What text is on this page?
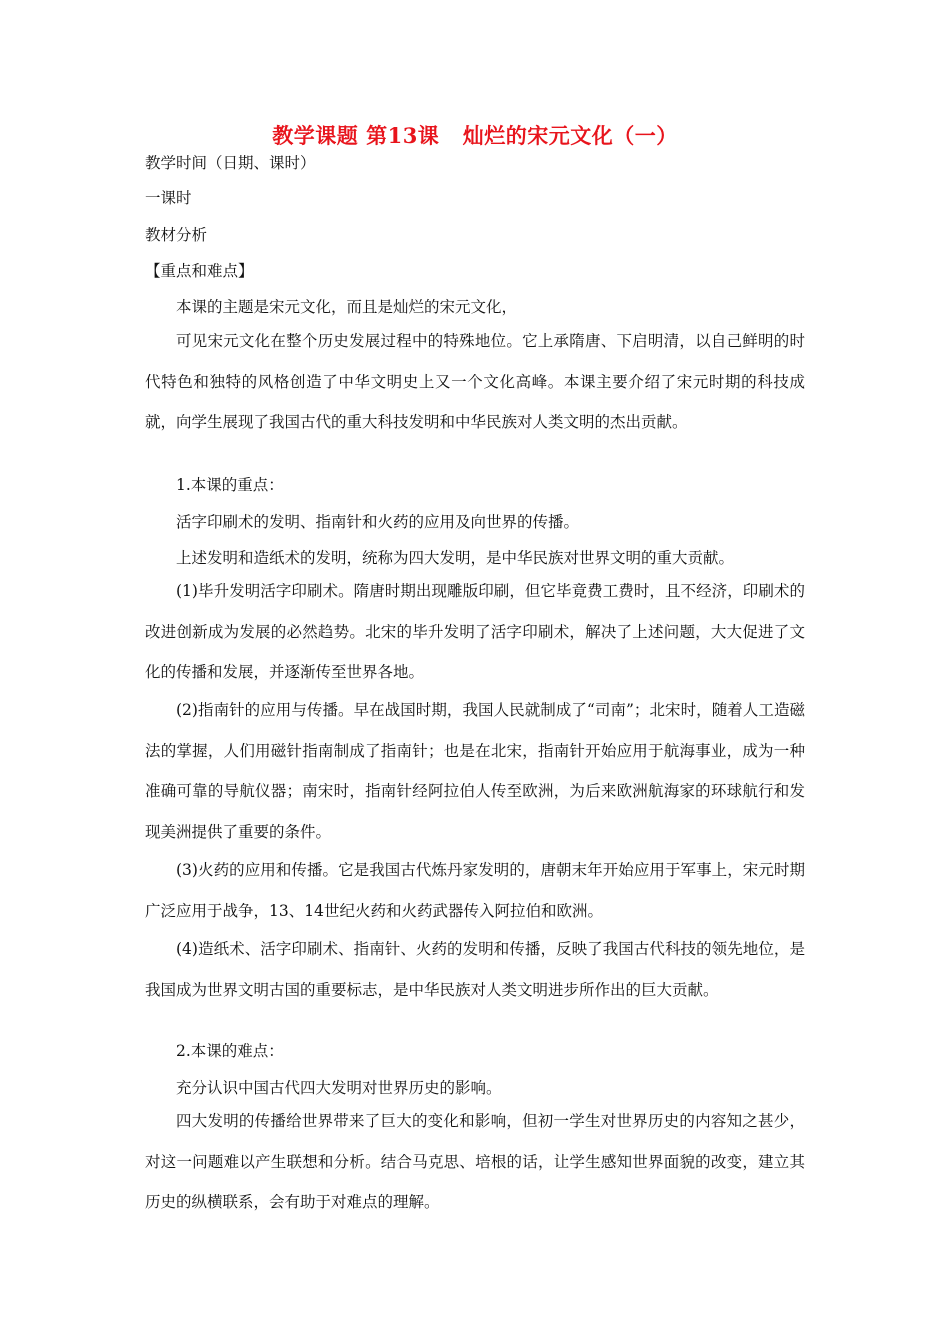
教学课题 第13课   灿烂的宋元文化（一）
教学时间（日期、课时）
一课时
教材分析
【重点和难点】
本课的主题是宋元文化，而且是灿烂的宋元文化，

可见宋元文化在整个历史发展过程中的特殊地位。它上承隋唐、下启明清，以自己鲜明的时代特色和独特的风格创造了中华文明史上又一个文化高峰。本课主要介绍了宋元时期的科技成就，向学生展现了我国古代的重大科技发明和中华民族对人类文明的杰出贡献。

1.本课的重点：
活字印刷术的发明、指南针和火药的应用及向世界的传播。
上述发明和造纸术的发明，统称为四大发明，是中华民族对世界文明的重大贡献。

(1)毕升发明活字印刷术。隋唐时期出现雕版印刷，但它毕竟费工费时，且不经济，印刷术的改进创新成为发展的必然趋势。北宋的毕升发明了活字印刷术，解决了上述问题，大大促进了文化的传播和发展，并逐渐传至世界各地。

(2)指南针的应用与传播。早在战国时期，我国人民就制成了“司南”；北宋时，随着人工造磁法的掌握，人们用磁针指南制成了指南针；也是在北宋，指南针开始应用于航海事业，成为一种准确可靠的导航仪器；南宋时，指南针经阿拉伯人传至欧洲，为后来欧洲航海家的环球航行和发现美洲提供了重要的条件。

(3)火药的应用和传播。它是我国古代炼丹家发明的，唐朝末年开始应用于军事上，宋元时期广泛应用于战争，13、14世纪火药和火药武器传入阿拉伯和欧洲。

(4)造纸术、活字印刷术、指南针、火药的发明和传播，反映了我国古代科技的领先地位，是我国成为世界文明古国的重要标志，是中华民族对人类文明进步所作出的巨大贡献。

2.本课的难点：
充分认识中国古代四大发明对世界历史的影响。

四大发明的传播给世界带来了巨大的变化和影响，但初一学生对世界历史的内容知之甚少，对这一问题难以产生联想和分析。结合马克思、培根的话，让学生感知世界面貌的改变，建立其历史的纵横联系，会有助于对难点的理解。
